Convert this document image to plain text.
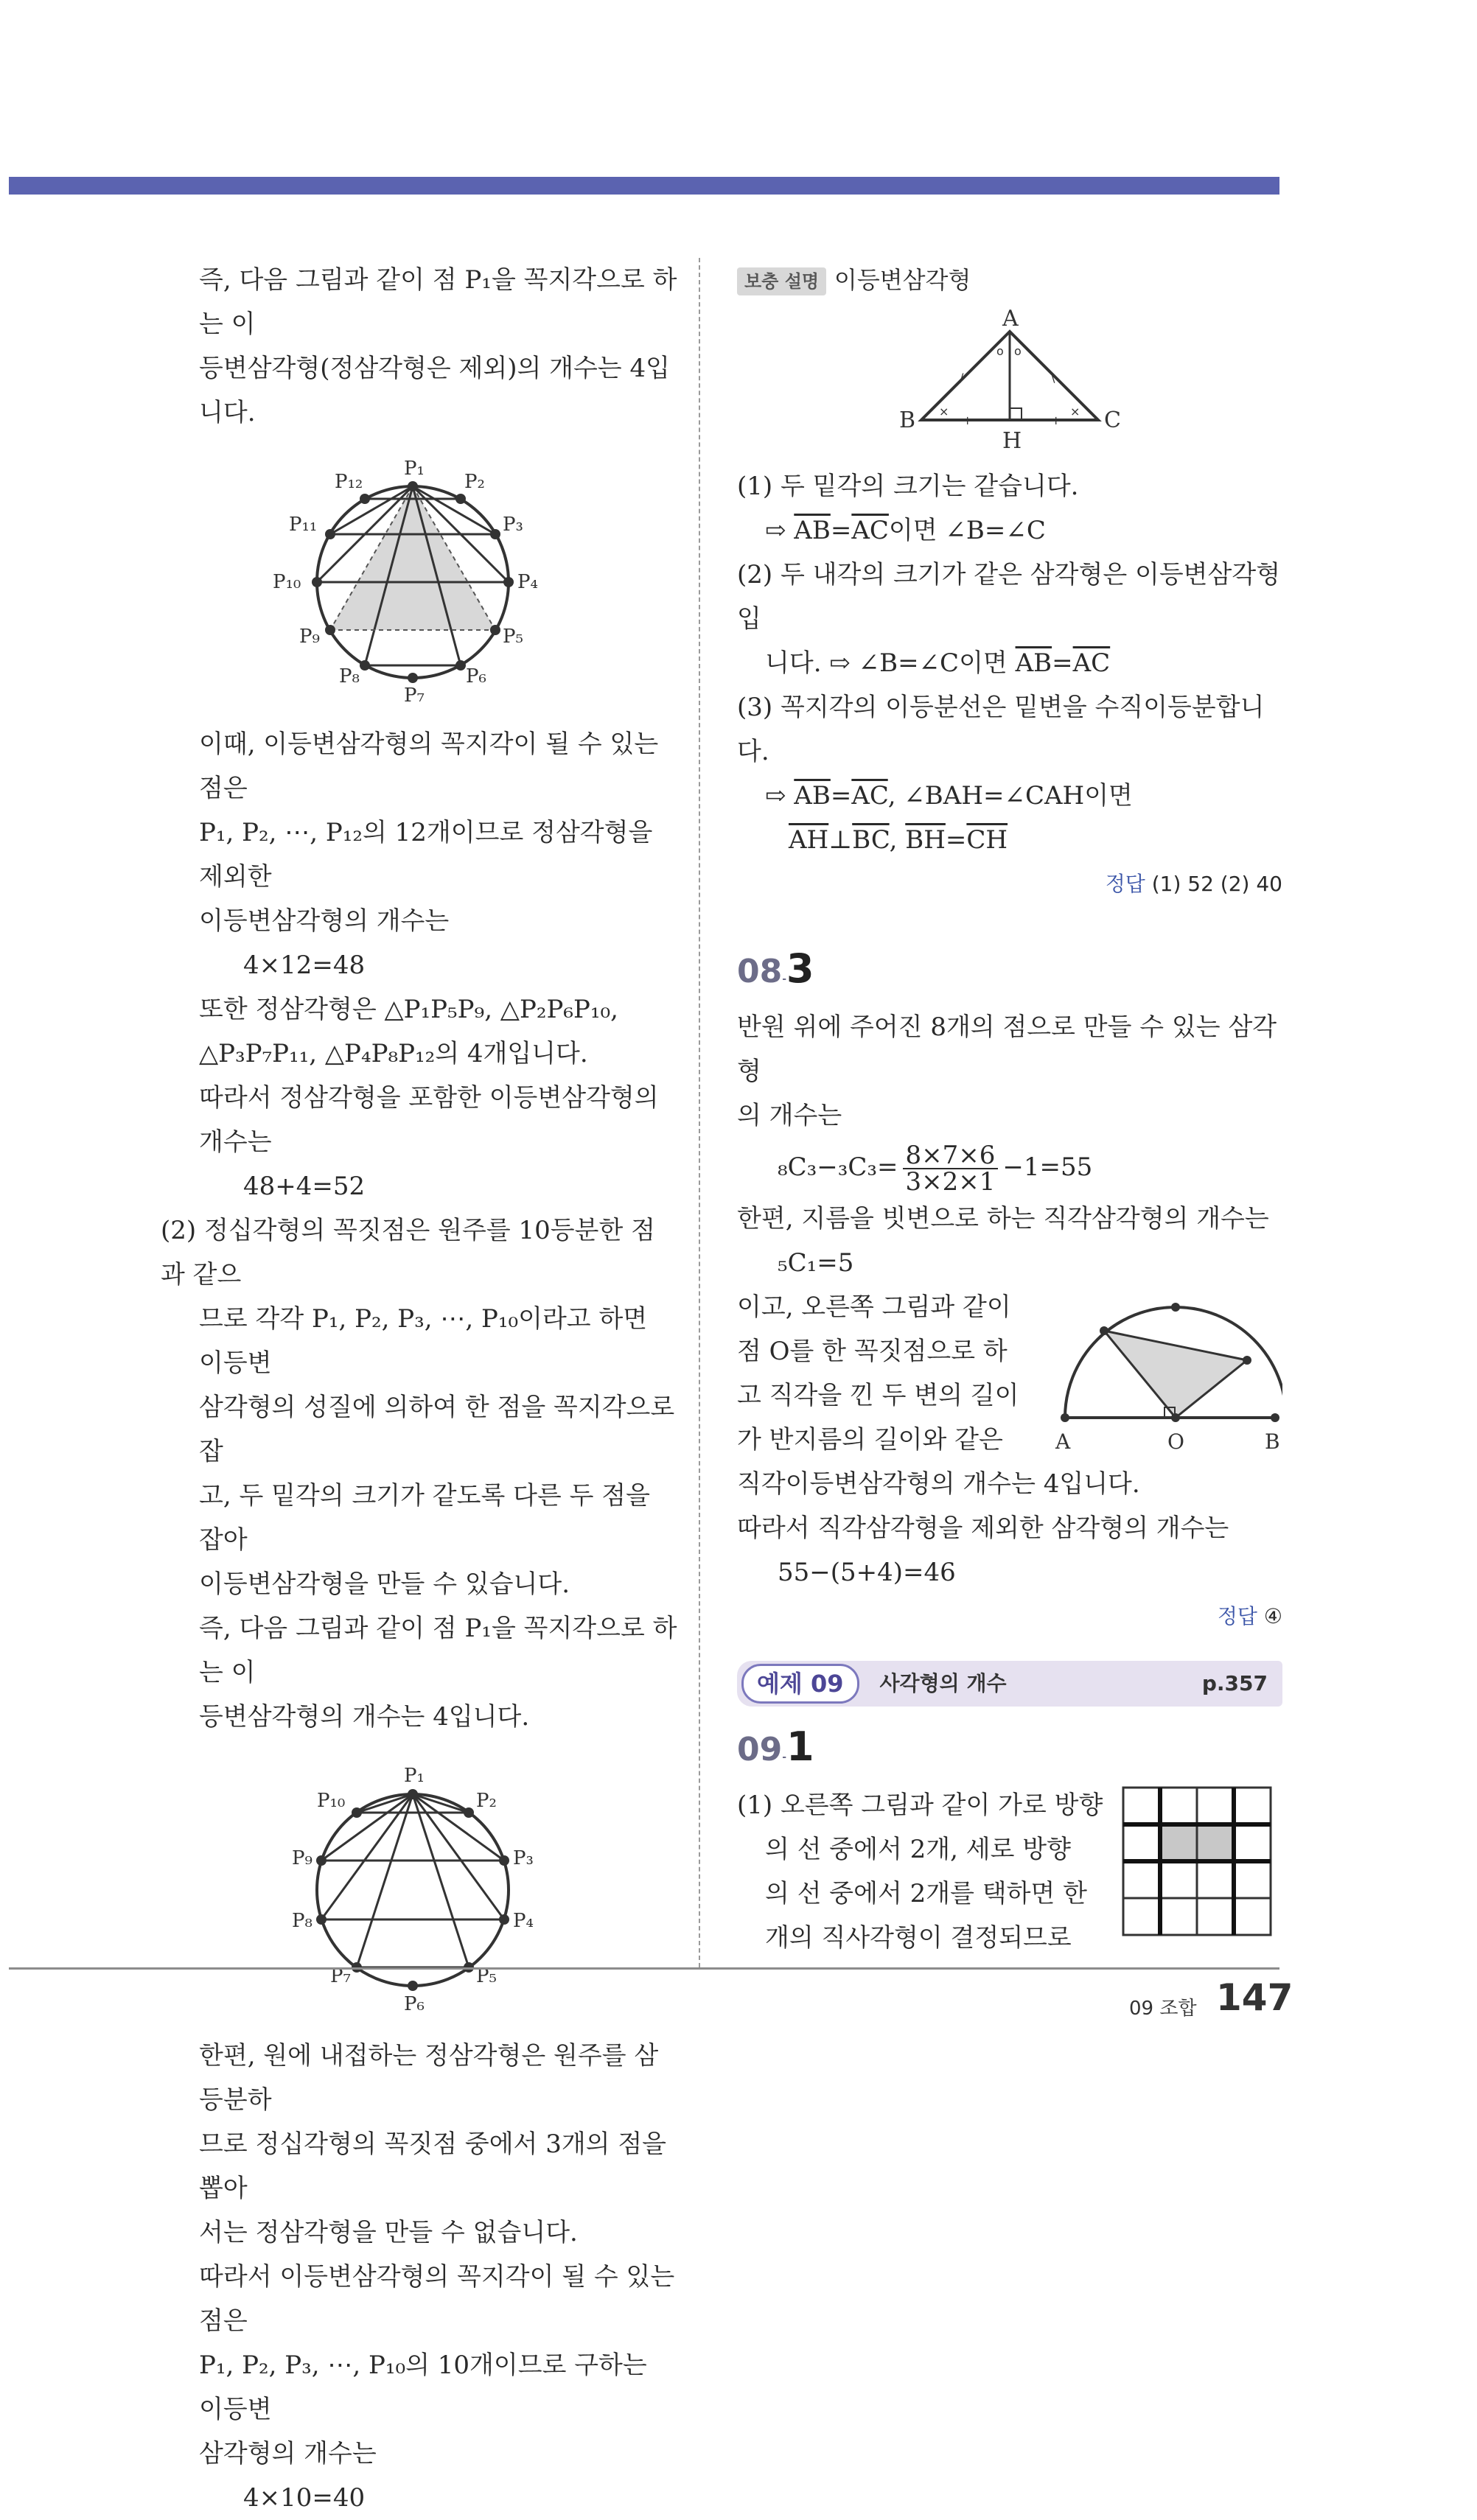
즉, 다음 그림과 같이 점 P₁을 꼭지각으로 하는 이

등변삼각형(정삼각형은 제외)의 개수는 4입니다.

P₁
P₂
P₃
P₄
P₅
P₆
P₇
P₈
P₉
P₁₀
P₁₁
P₁₂

이때, 이등변삼각형의 꼭지각이 될 수 있는 점은

P₁, P₂, ⋯, P₁₂의 12개이므로 정삼각형을 제외한

이등변삼각형의 개수는

4×12=48

또한 정삼각형은 △P₁P₅P₉, △P₂P₆P₁₀,

△P₃P₇P₁₁, △P₄P₈P₁₂의 4개입니다.

따라서 정삼각형을 포함한 이등변삼각형의 개수는

48+4=52

(2) 정십각형의 꼭짓점은 원주를 10등분한 점과 같으

므로 각각 P₁, P₂, P₃, ⋯, P₁₀이라고 하면 이등변

삼각형의 성질에 의하여 한 점을 꼭지각으로 잡

고, 두 밑각의 크기가 같도록 다른 두 점을 잡아

이등변삼각형을 만들 수 있습니다.

즉, 다음 그림과 같이 점 P₁을 꼭지각으로 하는 이

등변삼각형의 개수는 4입니다.

P₁
P₂
P₃
P₄
P₅
P₆
P₇
P₈
P₉
P₁₀

한편, 원에 내접하는 정삼각형은 원주를 삼등분하

므로 정십각형의 꼭짓점 중에서 3개의 점을 뽑아

서는 정삼각형을 만들 수 없습니다.

따라서 이등변삼각형의 꼭지각이 될 수 있는 점은

P₁, P₂, P₃, ⋯, P₁₀의 10개이므로 구하는 이등변

삼각형의 개수는

4×10=40

보충 설명 이등변삼각형

o o
×	×
/	\
+	+
A
B	C
H

(1) 두 밑각의 크기는 같습니다.

⇨ $\overline{AB}=\overline{AC}$이면 ∠B=∠C

(2) 두 내각의 크기가 같은 삼각형은 이등변삼각형입

니다. ⇨ ∠B=∠C이면 $\overline{AB}=\overline{AC}$

(3) 꼭지각의 이등분선은 밑변을 수직이등분합니다.

⇨ $\overline{AB}=\overline{AC}$, ∠BAH=∠CAH이면

$\overline{AH}\perp\overline{BC}$, $\overline{BH}=\overline{CH}$

정답 (1) 52 (2) 40

08-3

반원 위에 주어진 8개의 점으로 만들 수 있는 삼각형

의 개수는

$_8C_3-_3C_3= \frac{8\times 7\times 6}{3\times 2\times 1} -1=55$

한편, 지름을 빗변으로 하는 직각삼각형의 개수는

₅C₁=5

이고, 오른쪽 그림과 같이

점 O를 한 꼭짓점으로 하

고 직각을 낀 두 변의 길이

가 반지름의 길이와 같은	A	O	B

직각이등변삼각형의 개수는 4입니다.

따라서 직각삼각형을 제외한 삼각형의 개수는

55−(5+4)=46

정답 ④

예제 09	사각형의 개수	p.357

09-1

(1) 오른쪽 그림과 같이 가로 방향

의 선 중에서 2개, 세로 방향

의 선 중에서 2개를 택하면 한

개의 직사각형이 결정되므로

09 조합 147
